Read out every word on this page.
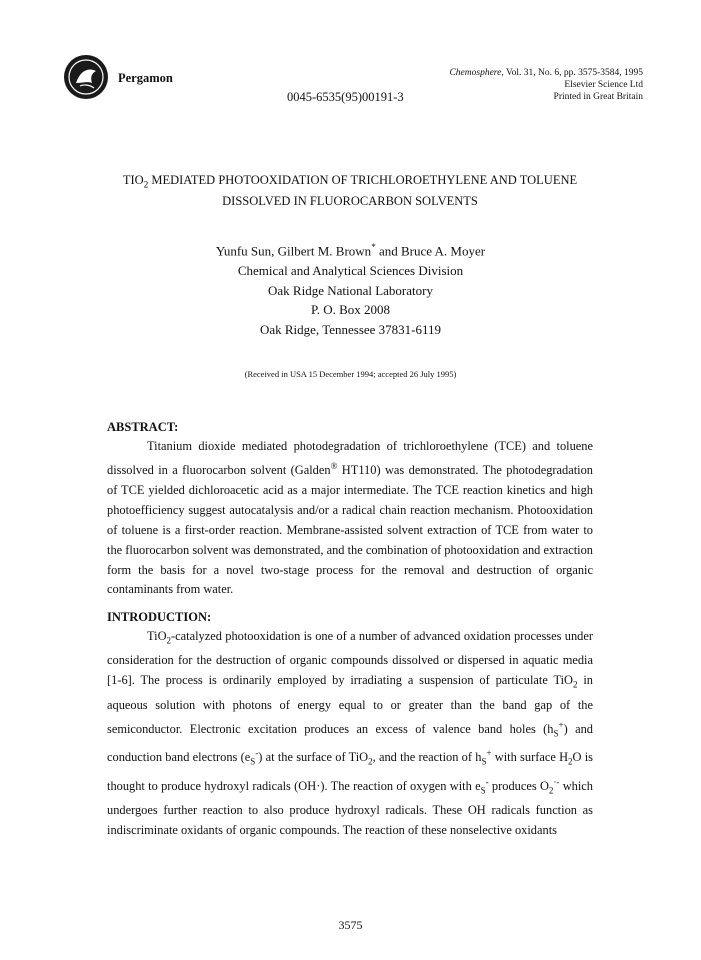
Pergamon
0045-6535(95)00191-3
Chemosphere, Vol. 31, No. 6, pp. 3575-3584, 1995
Elsevier Science Ltd
Printed in Great Britain
$TIO_2$ MEDIATED PHOTOOXIDATION OF TRICHLOROETHYLENE AND TOLUENE
DISSOLVED IN FLUOROCARBON SOLVENTS
Yunfu Sun, Gilbert M. Brown* and Bruce A. Moyer
Chemical and Analytical Sciences Division
Oak Ridge National Laboratory
P. O. Box 2008
Oak Ridge, Tennessee 37831-6119
(Received in USA 15 December 1994; accepted 26 July 1995)
ABSTRACT:

Titanium dioxide mediated photodegradation of trichloroethylene (TCE) and toluene dissolved in a fluorocarbon solvent (Galden® HT110) was demonstrated. The photodegradation of TCE yielded dichloroacetic acid as a major intermediate. The TCE reaction kinetics and high photoefficiency suggest autocatalysis and/or a radical chain reaction mechanism. Photooxidation of toluene is a first-order reaction. Membrane-assisted solvent extraction of TCE from water to the fluorocarbon solvent was demonstrated, and the combination of photooxidation and extraction form the basis for a novel two-stage process for the removal and destruction of organic contaminants from water.

INTRODUCTION:

TiO$_2$-catalyzed photooxidation is one of a number of advanced oxidation processes under consideration for the destruction of organic compounds dissolved or dispersed in aquatic media [1-6]. The process is ordinarily employed by irradiating a suspension of particulate TiO$_2$ in aqueous solution with photons of energy equal to or greater than the band gap of the semiconductor. Electronic excitation produces an excess of valence band holes $(h_S^+)$ and conduction band electrons $(e_S^-)$ at the surface of TiO$_2$, and the reaction of $h_S^+$ with surface $H_2O$ is thought to produce hydroxyl radicals (OH·). The reaction of oxygen with $e_S^-$ produces $O_2^{\cdot-}$ which undergoes further reaction to also produce hydroxyl radicals. These OH radicals function as indiscriminate oxidants of organic compounds. The reaction of these nonselective oxidants

3575
